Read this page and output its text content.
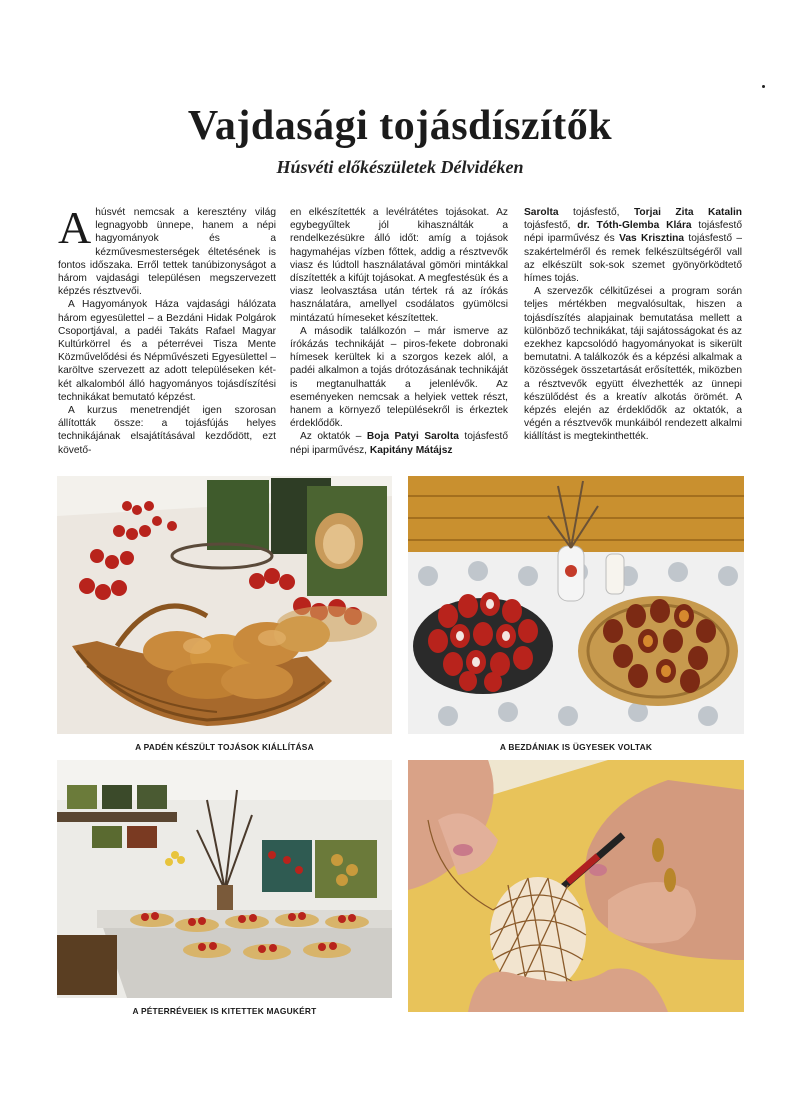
Vajdasági tojásdíszítők
Húsvéti előkészületek Délvidéken

Ahúsvét nemcsak a keresztény világ legnagyobb ünnepe, hanem a népi hagyományok és a kézművesmesterségek éltetésének is fontos időszaka. Erről tettek tanúbizonyságot a három vajdasági településen megszervezett képzés résztvevői.

A Hagyományok Háza vajdasági hálózata három egyesülettel – a Bezdáni Hidak Polgárok Csoportjával, a padéi Takáts Rafael Magyar Kultúrkörrel és a péterrévei Tisza Mente Közművelődési és Népművészeti Egyesülettel – karöltve szervezett az adott településeken két-két alkalomból álló hagyományos tojásdíszítési technikákat bemutató képzést.

A kurzus menetrendjét igen szorosan állították össze: a tojásfújás helyes technikájának elsajátításával kezdődött, ezt követő-

en elkészítették a levélrátétes tojásokat. Az egybegyűltek jól kihasználták a rendelkezésükre álló időt: amíg a tojások hagymahéjas vízben főttek, addig a résztvevők viasz és lúdtoll használatával gömöri mintákkal díszítették a kifújt tojásokat. A megfestésük és a viasz leolvasztása után tértek rá az írókás használatára, amellyel csodálatos gyümölcsi mintázatú hímeseket készítettek.

A második találkozón – már ismerve az írókázás technikáját – piros-fekete dobronaki hímesek kerültek ki a szorgos kezek alól, a padéi alkalmon a tojás drótozásának technikáját is megtanulhatták a jelenlévők. Az eseményeken nemcsak a helyiek vettek részt, hanem a környező településekről is érkeztek érdeklődők.

Az oktatók – Boja Patyi Sarolta tojásfestő népi iparművész, Kapitány Mátájsz

Sarolta tojásfestő, Torjai Zita Katalin tojásfestő, dr. Tóth-Glemba Klára tojásfestő népi iparművész és Vas Krisztina tojásfestő – szakértelméről és remek felkészültségéről vall az elkészült sok-sok szemet gyönyörködtető hímes tojás.

A szervezők célkitűzései a program során teljes mértékben megvalósultak, hiszen a tojásdíszítés alapjainak bemutatása mellett a különböző technikákat, táji sajátosságokat és az ezekhez kapcsolódó hagyományokat is sikerült bemutatni. A találkozók és a képzési alkalmak a közösségek összetartását erősítették, miközben a résztvevők együtt élvezhették az ünnepi készülődést és a kreatív alkotás örömét. A képzés elején az érdeklődők az oktatók, a végén a résztvevők munkáiból rendezett alkalmi kiállítást is megtekinthették.

A PADÉN KÉSZÜLT TOJÁSOK KIÁLLÍTÁSA	A BEZDÁNIAK IS ÜGYESEK VOLTAK
A PÉTERRÉVEIEK IS KITETTEK MAGUKÉRT
